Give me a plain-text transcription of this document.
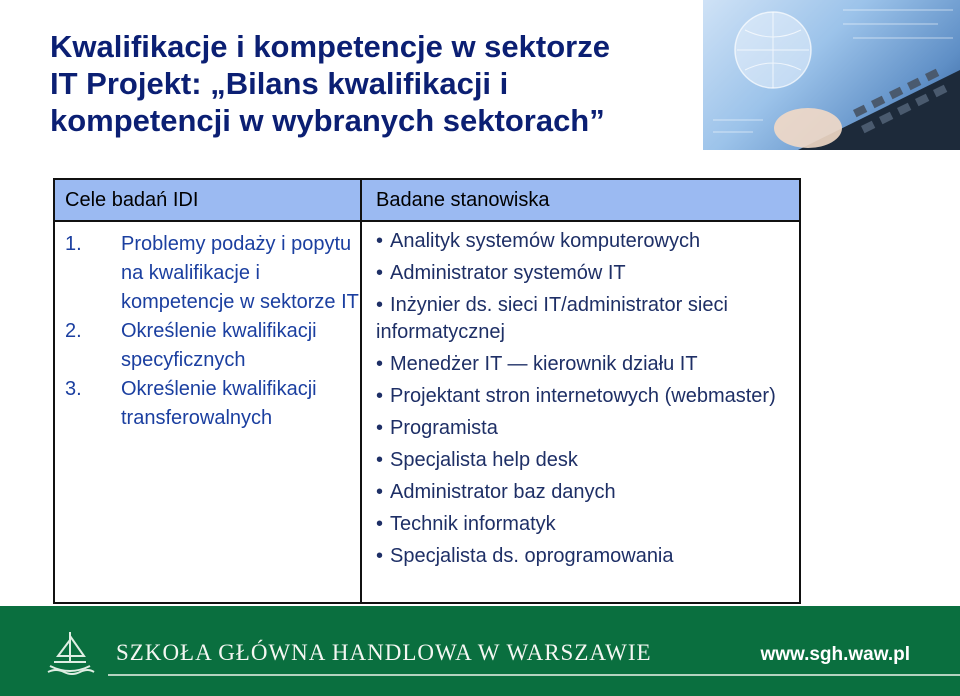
Kwalifikacje i kompetencje w sektorze
IT Projekt: „Bilans kwalifikacji i
kompetencji w wybranych sektorach”
Cele badań IDI
1. Problemy podaży i popytu na kwalifikacje i kompetencje w sektorze IT
2. Określenie kwalifikacji specyficznych
3. Określenie kwalifikacji transferowalnych
Badane stanowiska
• Analityk systemów komputerowych
• Administrator systemów IT
• Inżynier ds. sieci IT/administrator sieci informatycznej
• Menedżer IT — kierownik działu IT
• Projektant stron internetowych (webmaster)
• Programista
• Specjalista help desk
• Administrator baz danych
• Technik informatyk
• Specjalista ds. oprogramowania
SZKOŁA GŁÓWNA HANDLOWA W WARSZAWIE	www.sgh.waw.pl
